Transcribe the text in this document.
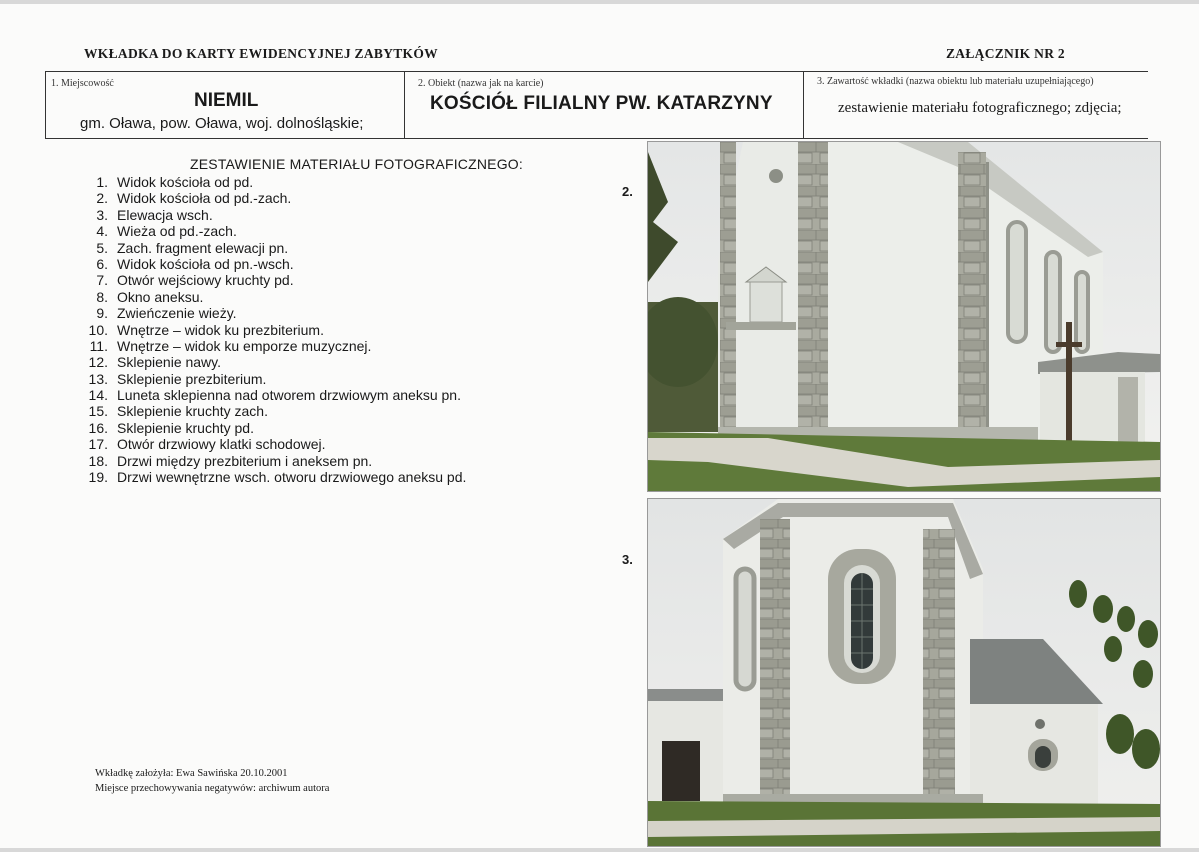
WKŁADKA DO KARTY EWIDENCYJNEJ ZABYTKÓW	ZAŁĄCZNIK NR 2
1. Miejscowość
NIEMIL
gm. Oława, pow. Oława, woj. dolnośląskie;
2. Obiekt (nazwa jak na karcie)
KOŚCIÓŁ FILIALNY PW. KATARZYNY
3. Zawartość wkładki (nazwa obiektu lub materiału uzupełniającego)
zestawienie materiału fotograficznego; zdjęcia;
ZESTAWIENIE MATERIAŁU FOTOGRAFICZNEGO:
1. Widok kościoła od pd.
2. Widok kościoła od pd.-zach.
3. Elewacja wsch.
4. Wieża od pd.-zach.
5. Zach. fragment elewacji pn.
6. Widok kościoła od pn.-wsch.
7. Otwór wejściowy kruchty pd.
8. Okno aneksu.
9. Zwieńczenie wieży.
10. Wnętrze – widok ku prezbiterium.
11. Wnętrze – widok ku emporze muzycznej.
12. Sklepienie nawy.
13. Sklepienie prezbiterium.
14. Luneta sklepienna nad otworem drzwiowym aneksu pn.
15. Sklepienie kruchty zach.
16. Sklepienie kruchty pd.
17. Otwór drzwiowy klatki schodowej.
18. Drzwi między prezbiterium i aneksem pn.
19. Drzwi wewnętrzne wsch. otworu drzwiowego aneksu pd.
Wkładkę założyła: Ewa Sawińska 20.10.2001
Miejsce przechowywania negatywów: archiwum autora
2.
3.
